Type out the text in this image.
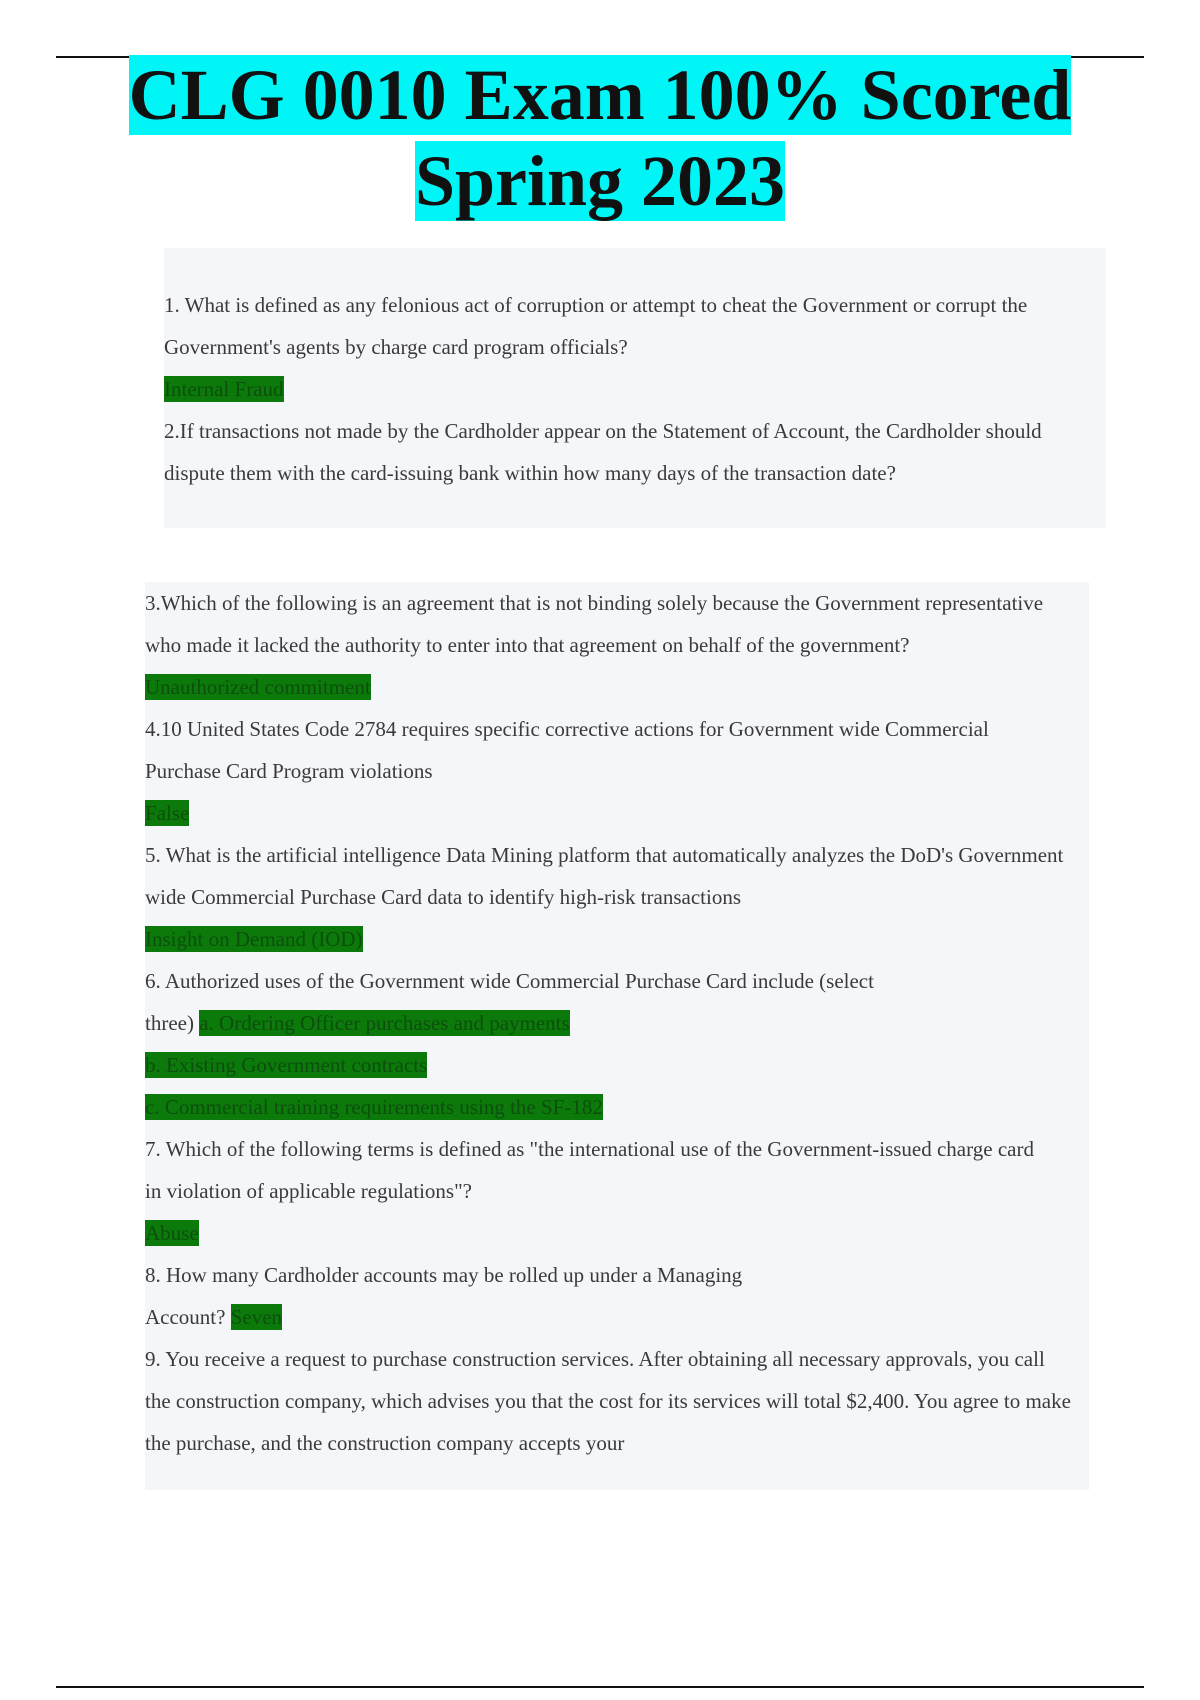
CLG 0010 Exam 100% Scored
Spring 2023
1. What is defined as any felonious act of corruption or attempt to cheat the Government or corrupt the Government's agents by charge card program officials?
Internal Fraud
2.If transactions not made by the Cardholder appear on the Statement of Account, the Cardholder should dispute them with the card-issuing bank within how many days of the transaction date?
3.Which of the following is an agreement that is not binding solely because the Government representative who made it lacked the authority to enter into that agreement on behalf of the government?
Unauthorized commitment
4.10 United States Code 2784 requires specific corrective actions for Government wide Commercial Purchase Card Program violations
False
5. What is the artificial intelligence Data Mining platform that automatically analyzes the DoD's Government wide Commercial Purchase Card data to identify high-risk transactions
Insight on Demand (IOD)
6. Authorized uses of the Government wide Commercial Purchase Card include (select
three) a. Ordering Officer purchases and payments
b. Existing Government contracts
c. Commercial training requirements using the SF-182
7. Which of the following terms is defined as "the international use of the Government-issued charge card in violation of applicable regulations"?
Abuse
8. How many Cardholder accounts may be rolled up under a Managing
Account? Seven
9. You receive a request to purchase construction services. After obtaining all necessary approvals, you call the construction company, which advises you that the cost for its services will total $2,400. You agree to make the purchase, and the construction company accepts your
